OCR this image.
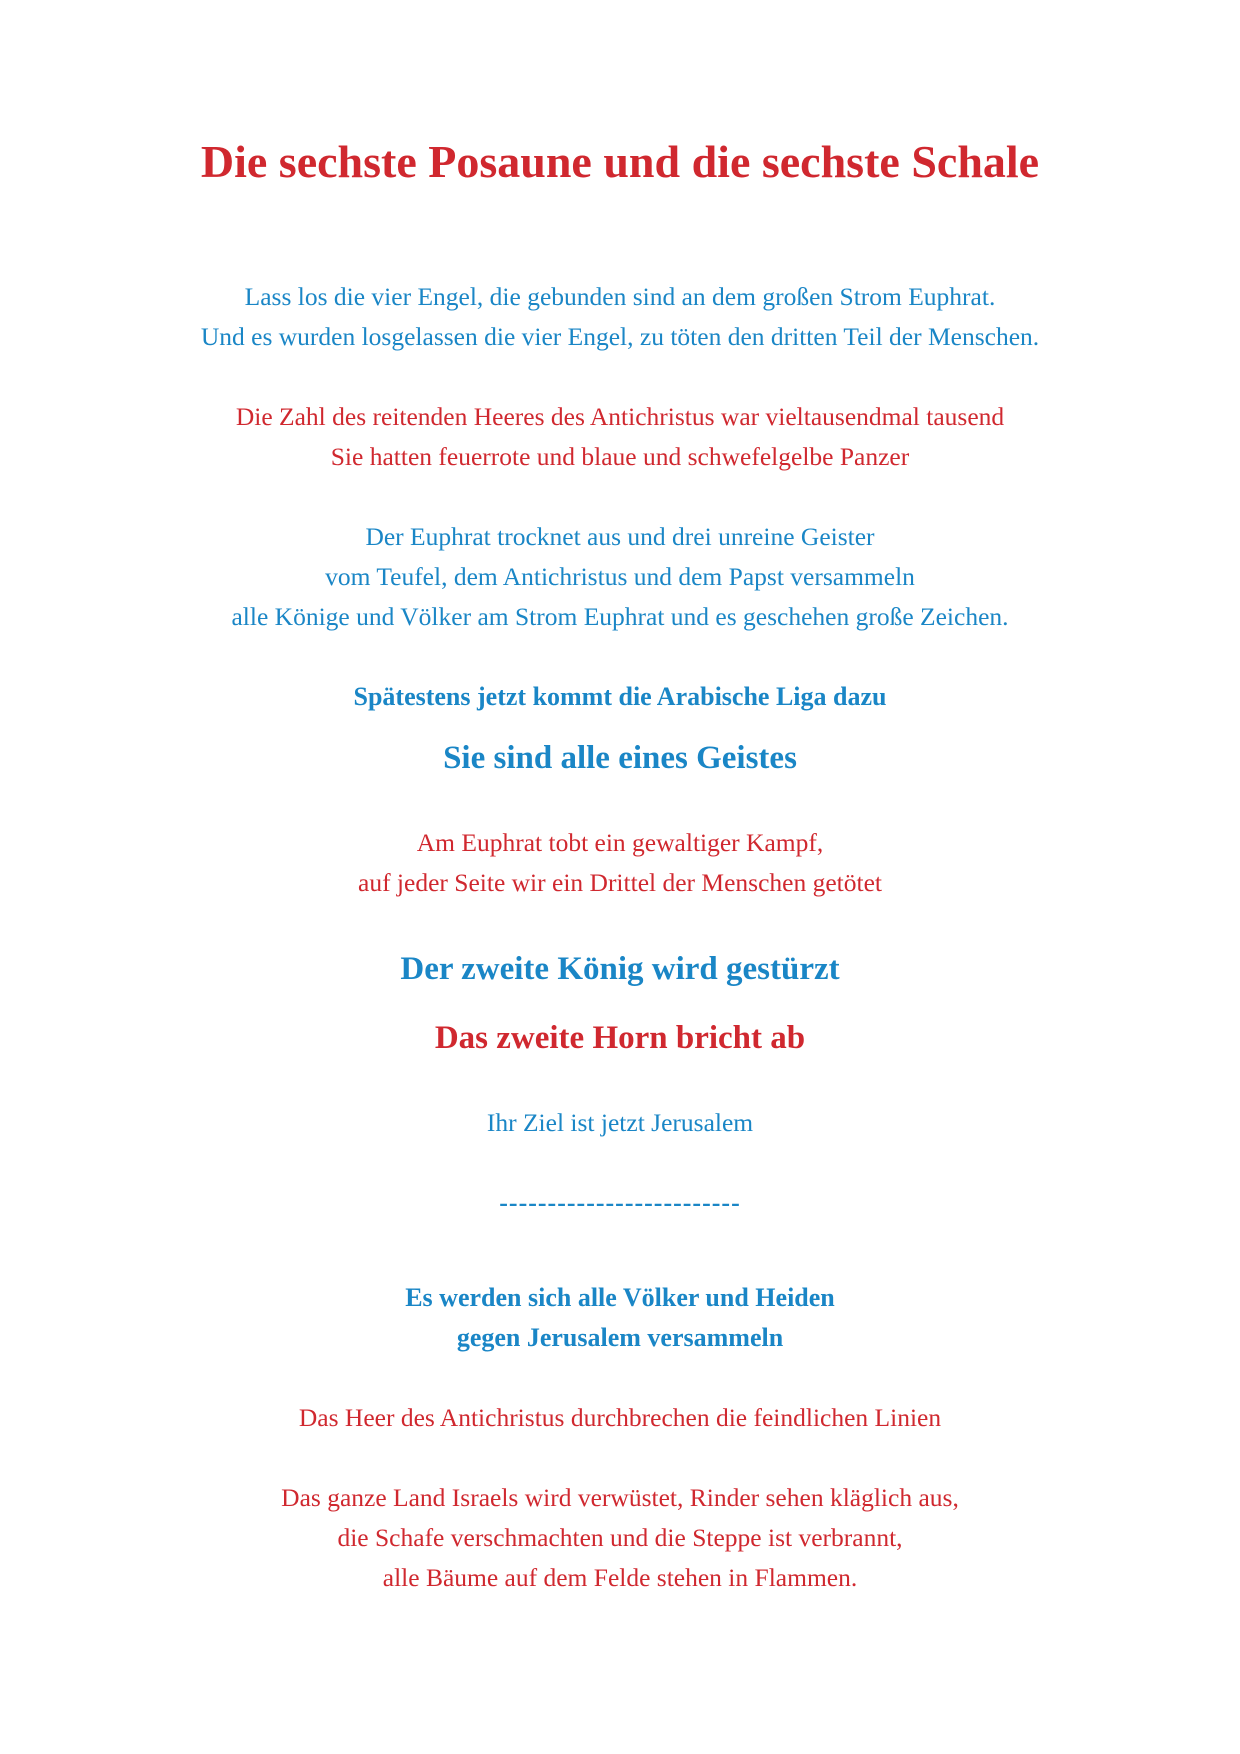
Die sechste Posaune und die sechste Schale
Lass los die vier Engel, die gebunden sind an dem großen Strom Euphrat.
Und es wurden losgelassen die vier Engel, zu töten den dritten Teil der Menschen.
Die Zahl des reitenden Heeres des Antichristus war vieltausendmal tausend
Sie hatten feuerrote und blaue und schwefelgelbe Panzer
Der Euphrat trocknet aus und drei unreine Geister
vom Teufel, dem Antichristus und dem Papst versammeln
alle Könige und Völker am Strom Euphrat und es geschehen große Zeichen.
Spätestens jetzt kommt die Arabische Liga dazu
Sie sind alle eines Geistes
Am Euphrat tobt ein gewaltiger Kampf,
auf jeder Seite wir ein Drittel der Menschen getötet
Der zweite König wird gestürzt
Das zweite Horn bricht ab
Ihr Ziel ist jetzt Jerusalem
-------------------------
Es werden sich alle Völker und Heiden
gegen Jerusalem versammeln
Das Heer des Antichristus durchbrechen die feindlichen Linien
Das ganze Land Israels wird verwüstet, Rinder sehen kläglich aus,
die Schafe verschmachten und die Steppe ist verbrannt,
alle Bäume auf dem Felde stehen in Flammen.
